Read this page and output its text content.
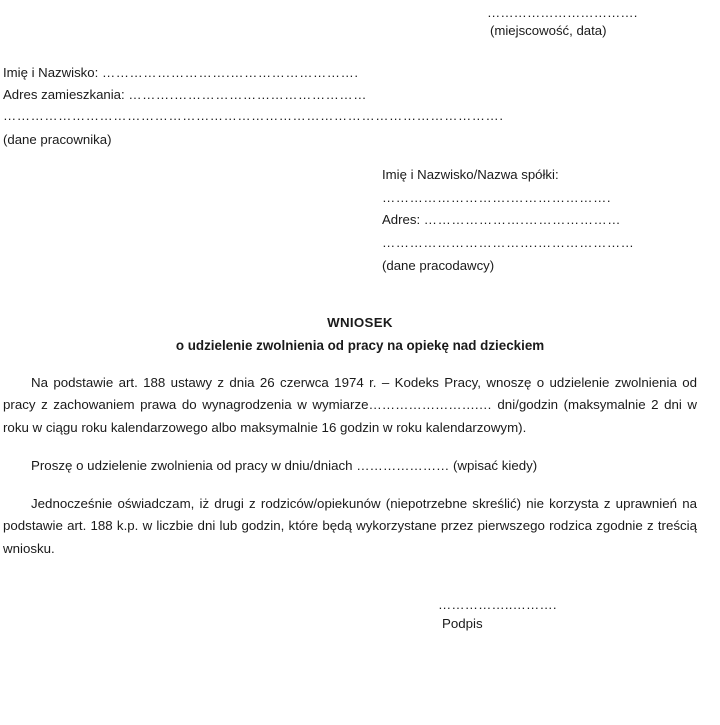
…………………………….
(miejscowość, data)
Imię i Nazwisko: ……………………….……………………….
Adres zamieszkania: ……….……………………………………
……………………………………………………………………………………………….
(dane pracownika)
Imię i Nazwisko/Nazwa spółki:
……………………….………………….
Adres: ………………….…………………
…………………………….…………………
(dane pracodawcy)
WNIOSEK
o udzielenie zwolnienia od pracy na opiekę nad dzieckiem

Na podstawie art. 188 ustawy z dnia 26 czerwca 1974 r. – Kodeks Pracy, wnoszę o udzielenie zwolnienia od pracy z zachowaniem prawa do wynagrodzenia w wymiarze…………………….… dni/godzin (maksymalnie 2 dni w roku w ciągu roku kalendarzowego albo maksymalnie 16 godzin w roku kalendarzowym).

Proszę o udzielenie zwolnienia od pracy w dniu/dniach ………………… (wpisać kiedy)

Jednocześnie oświadczam, iż drugi z rodziców/opiekunów (niepotrzebne skreślić) nie korzysta z uprawnień na podstawie art. 188 k.p. w liczbie dni lub godzin, które będą wykorzystane przez pierwszego rodzica zgodnie z treścią wniosku.

……………..……….
Podpis
